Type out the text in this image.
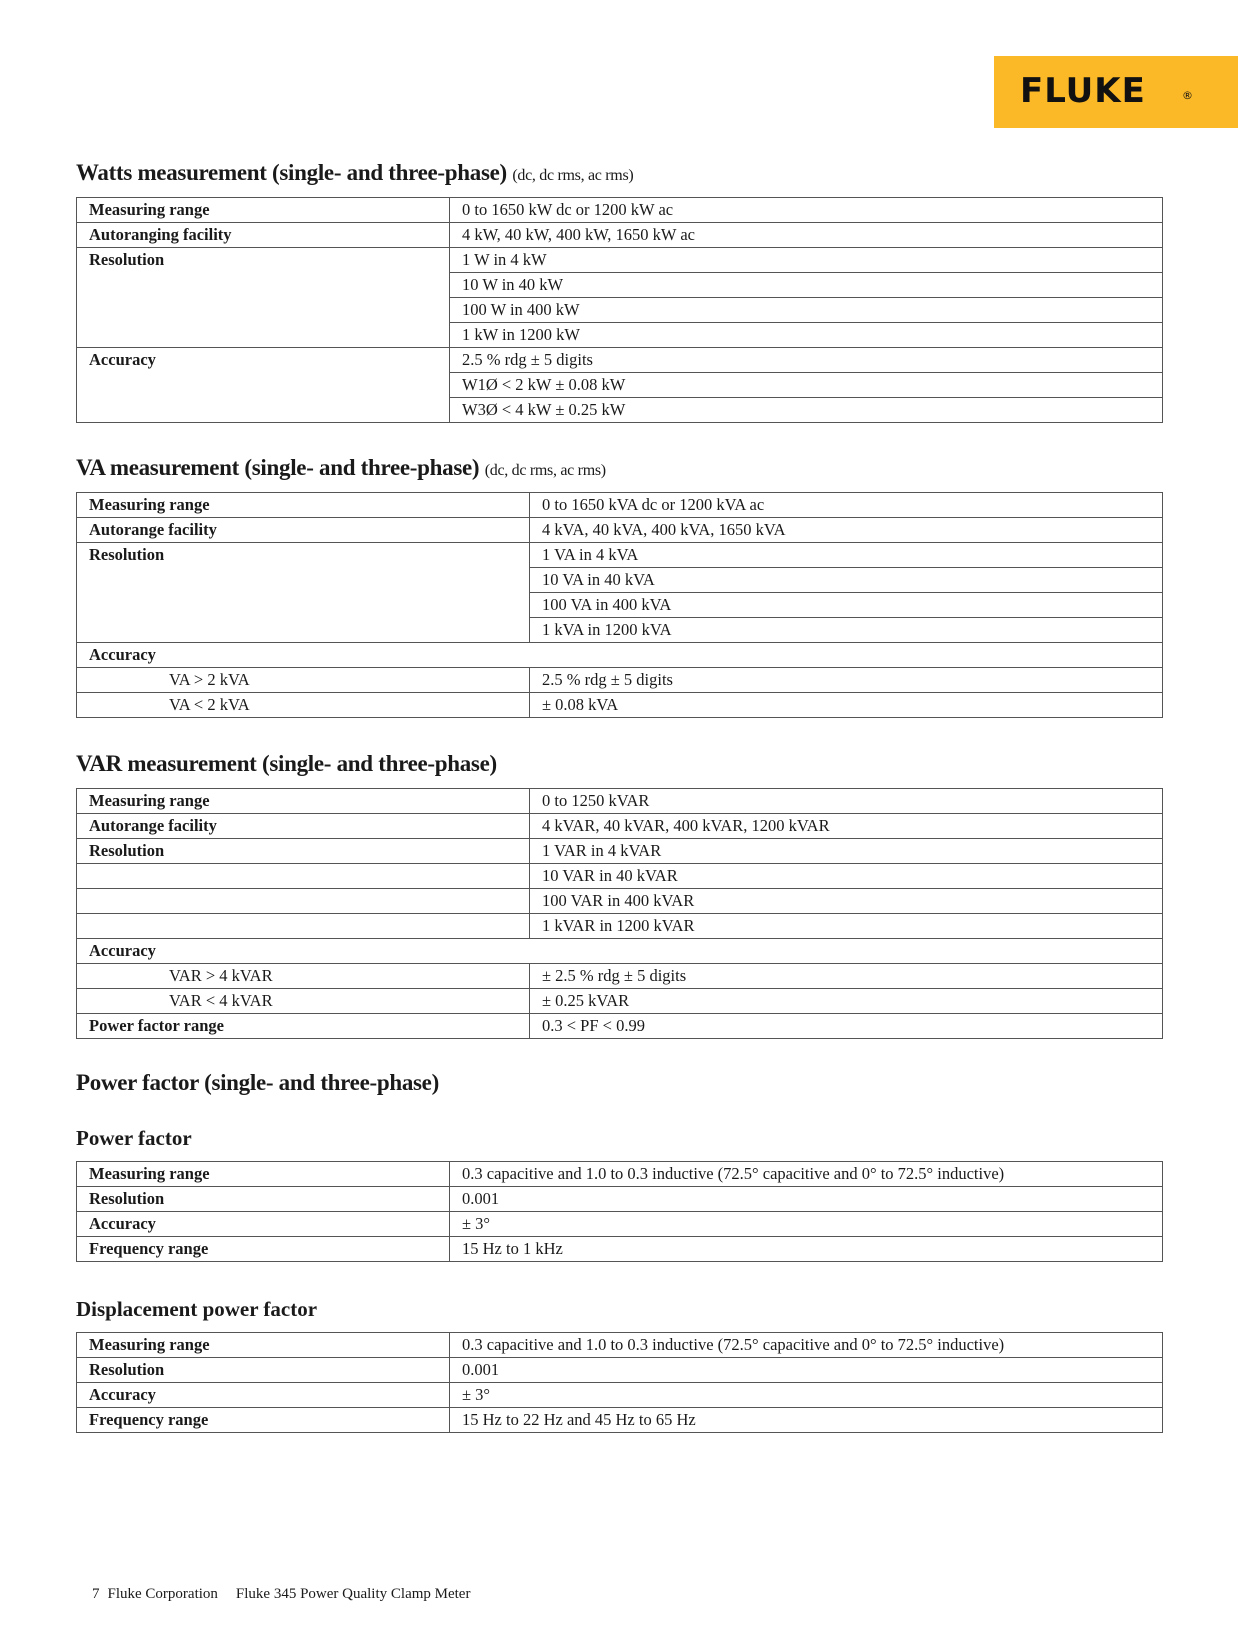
FLUKE	®
Watts measurement (single- and three-phase) (dc, dc rms, ac rms)
Measuring range	0 to 1650 kW dc or 1200 kW ac
Autoranging facility	4 kW, 40 kW, 400 kW, 1650 kW ac
Resolution	1 W in 4 kW
	10 W in 40 kW
	100 W in 400 kW
	1 kW in 1200 kW
Accuracy	2.5 % rdg ± 5 digits
	W1Ø < 2 kW ± 0.08 kW
	W3Ø < 4 kW ± 0.25 kW
VA measurement (single- and three-phase) (dc, dc rms, ac rms)
Measuring range	0 to 1650 kVA dc or 1200 kVA ac
Autorange facility	4 kVA, 40 kVA, 400 kVA, 1650 kVA
Resolution	1 VA in 4 kVA
	10 VA in 40 kVA
	100 VA in 400 kVA
	1 kVA in 1200 kVA
Accuracy	
VA > 2 kVA	2.5 % rdg ± 5 digits
VA < 2 kVA	± 0.08 kVA
VAR measurement (single- and three-phase)
Measuring range	0 to 1250 kVAR
Autorange facility	4 kVAR, 40 kVAR, 400 kVAR, 1200 kVAR
Resolution	1 VAR in 4 kVAR
	10 VAR in 40 kVAR
	100 VAR in 400 kVAR
	1 kVAR in 1200 kVAR
Accuracy	
VAR > 4 kVAR	± 2.5 % rdg ± 5 digits
VAR < 4 kVAR	± 0.25 kVAR
Power factor range	0.3 < PF < 0.99
Power factor (single- and three-phase)
Power factor
Measuring range	0.3 capacitive and 1.0 to 0.3 inductive (72.5° capacitive and 0° to 72.5° inductive)
Resolution	0.001
Accuracy	± 3°
Frequency range	15 Hz to 1 kHz
Displacement power factor
Measuring range	0.3 capacitive and 1.0 to 0.3 inductive (72.5° capacitive and 0° to 72.5° inductive)
Resolution	0.001
Accuracy	± 3°
Frequency range	15 Hz to 22 Hz and 45 Hz to 65 Hz
7 Fluke Corporation Fluke 345 Power Quality Clamp Meter
